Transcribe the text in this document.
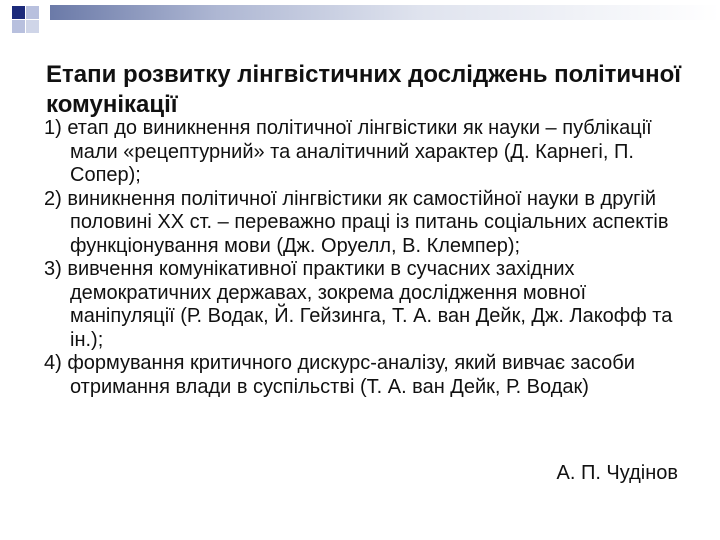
Етапи розвитку лінгвістичних досліджень політичної комунікації
1) етап до виникнення політичної лінгвістики як науки – публікації мали «рецептурний» та аналітичний характер (Д. Карнегі, П. Сопер);
2) виникнення політичної лінгвістики як самостійної науки в другій половині ХХ ст. – переважно праці із питань соціальних аспектів функціонування мови (Дж. Оруелл, В. Клемпер);
3) вивчення комунікативної практики в сучасних західних демократичних державах, зокрема дослідження мовної маніпуляції (Р. Водак, Й. Гейзинга, Т. А. ван Дейк, Дж. Лакофф та ін.);
4) формування критичного дискурс-аналізу, який вивчає засоби отримання влади в суспільстві (Т. А. ван Дейк, Р. Водак)

А. П. Чудінов
